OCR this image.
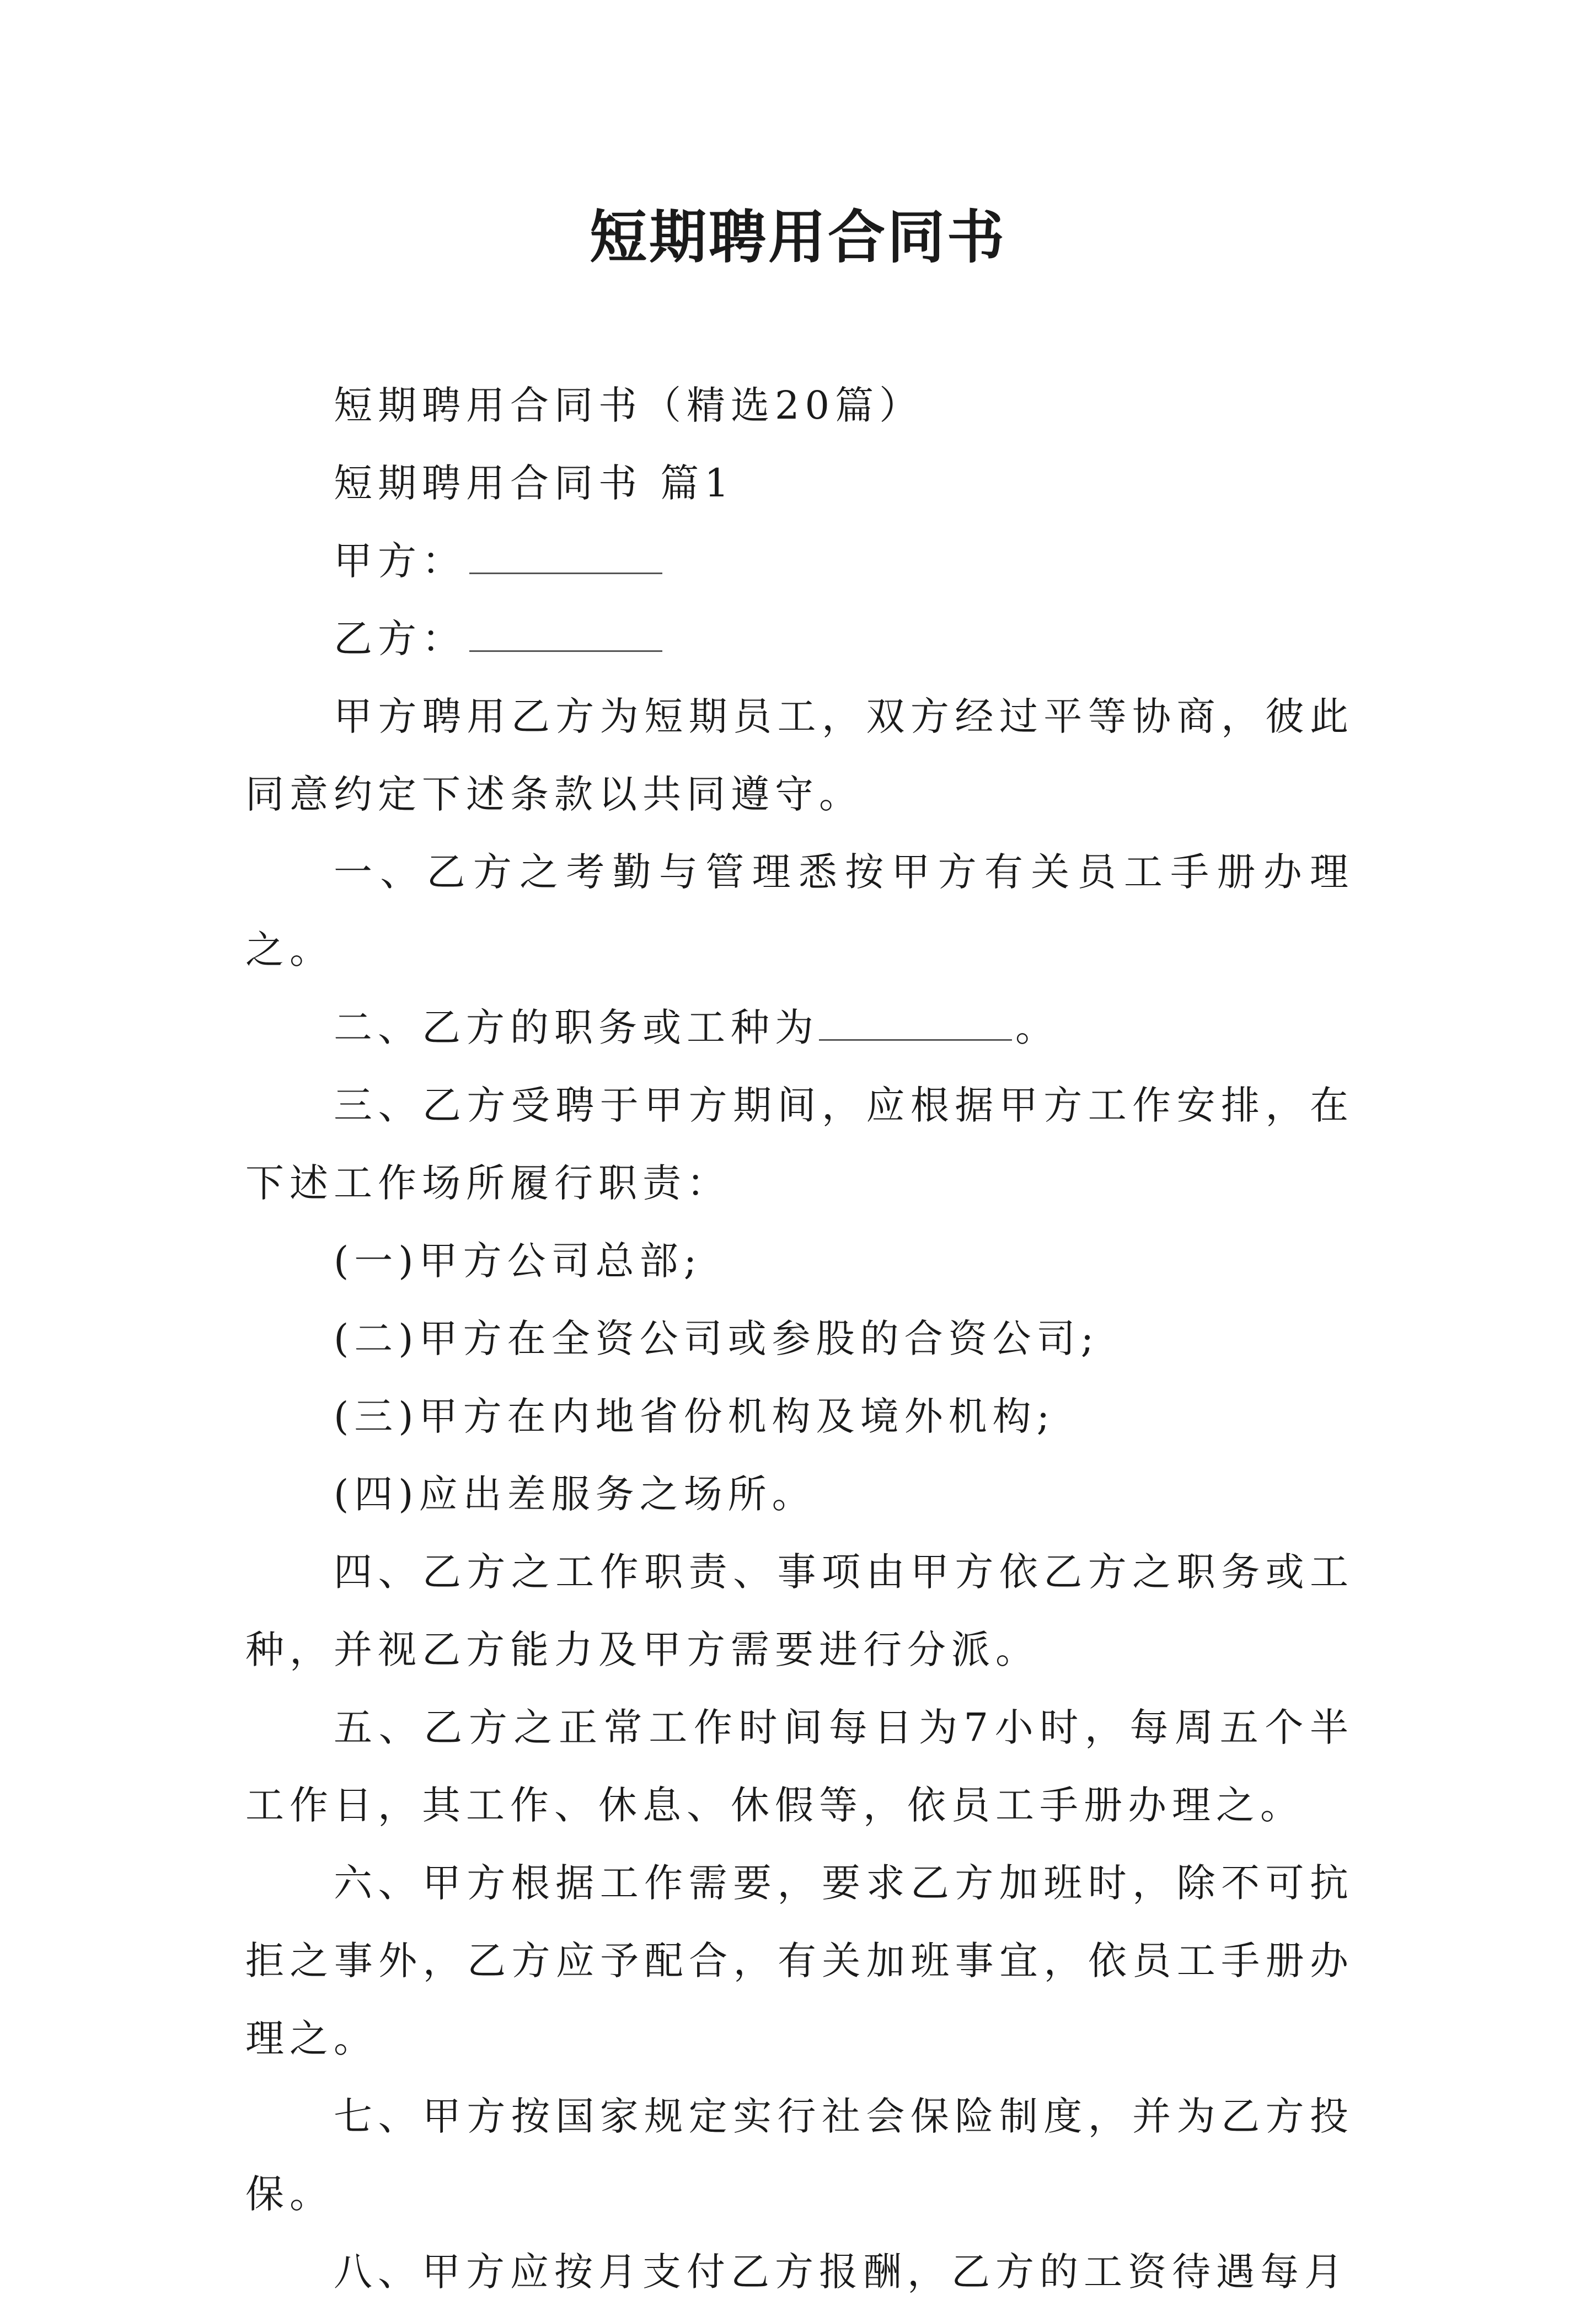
短期聘用合同书

短期聘用合同书（精选20篇）

短期聘用合同书 篇1

甲方：

乙方：

甲方聘用乙方为短期员工，双方经过平等协商，彼此同意约定下述条款以共同遵守。

一、乙方之考勤与管理悉按甲方有关员工手册办理之。

二、乙方的职务或工种为	。

三、乙方受聘于甲方期间，应根据甲方工作安排，在下述工作场所履行职责：

(一)甲方公司总部;

(二)甲方在全资公司或参股的合资公司;

(三)甲方在内地省份机构及境外机构;

(四)应出差服务之场所。

四、乙方之工作职责、事项由甲方依乙方之职务或工种，并视乙方能力及甲方需要进行分派。

五、乙方之正常工作时间每日为7小时，每周五个半工作日，其工作、休息、休假等，依员工手册办理之。

六、甲方根据工作需要，要求乙方加班时，除不可抗拒之事外，乙方应予配合，有关加班事宜，依员工手册办理之。

七、甲方按国家规定实行社会保险制度，并为乙方投保。

八、甲方应按月支付乙方报酬，乙方的工资待遇每月
